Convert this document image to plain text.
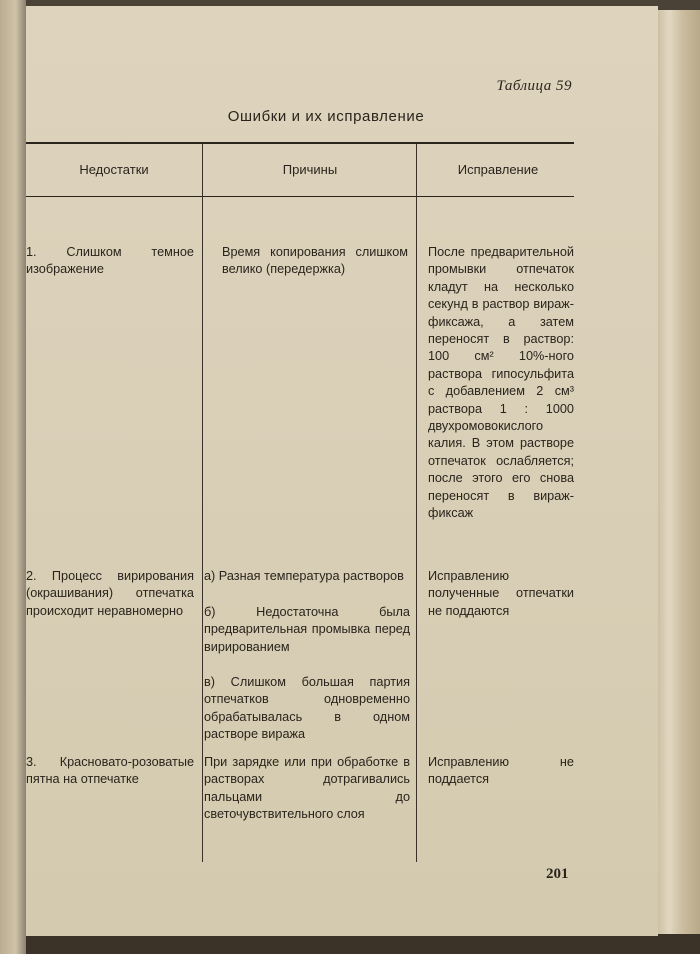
Таблица 59
Ошибки и их исправление
Недостатки	Причины	Исправление
1. Слишком темное изображение
Время копирования слишком велико (передержка)
После предварительной промывки отпечаток кладут на несколько секунд в раствор вираж-фиксажа, а затем переносят в раствор: 100 см² 10%-ного раствора гипосульфита с добавлением 2 см³ раствора 1 : 1000 двухромовокислого калия. В этом растворе отпечаток ослабляется; после этого его снова переносят в вираж-фиксаж
2. Процесс вирирования (окрашивания) отпечатка происходит неравномерно
а) Разная температура растворов
б) Недостаточна была предварительная промывка перед вирированием
в) Слишком большая партия отпечатков одновременно обрабатывалась в одном растворе виража
Исправлению полученные отпечатки не поддаются
3. Красновато-розоватые пятна на отпечатке
При зарядке или при обработке в растворах дотрагивались пальцами до светочувствительного слоя
Исправлению не поддается
201
